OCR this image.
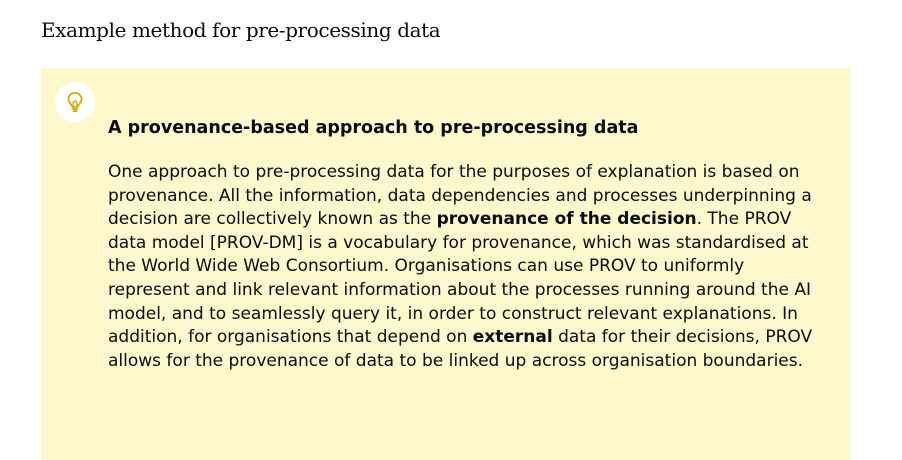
Example method for pre-processing data
A provenance-based approach to pre-processing data

One approach to pre-processing data for the purposes of explanation is based on provenance. All the information, data dependencies and processes underpinning a decision are collectively known as the provenance of the decision. The PROV data model [PROV-DM] is a vocabulary for provenance, which was standardised at the World Wide Web Consortium. Organisations can use PROV to uniformly represent and link relevant information about the processes running around the AI model, and to seamlessly query it, in order to construct relevant explanations. In addition, for organisations that depend on external data for their decisions, PROV allows for the provenance of data to be linked up across organisation boundaries.
